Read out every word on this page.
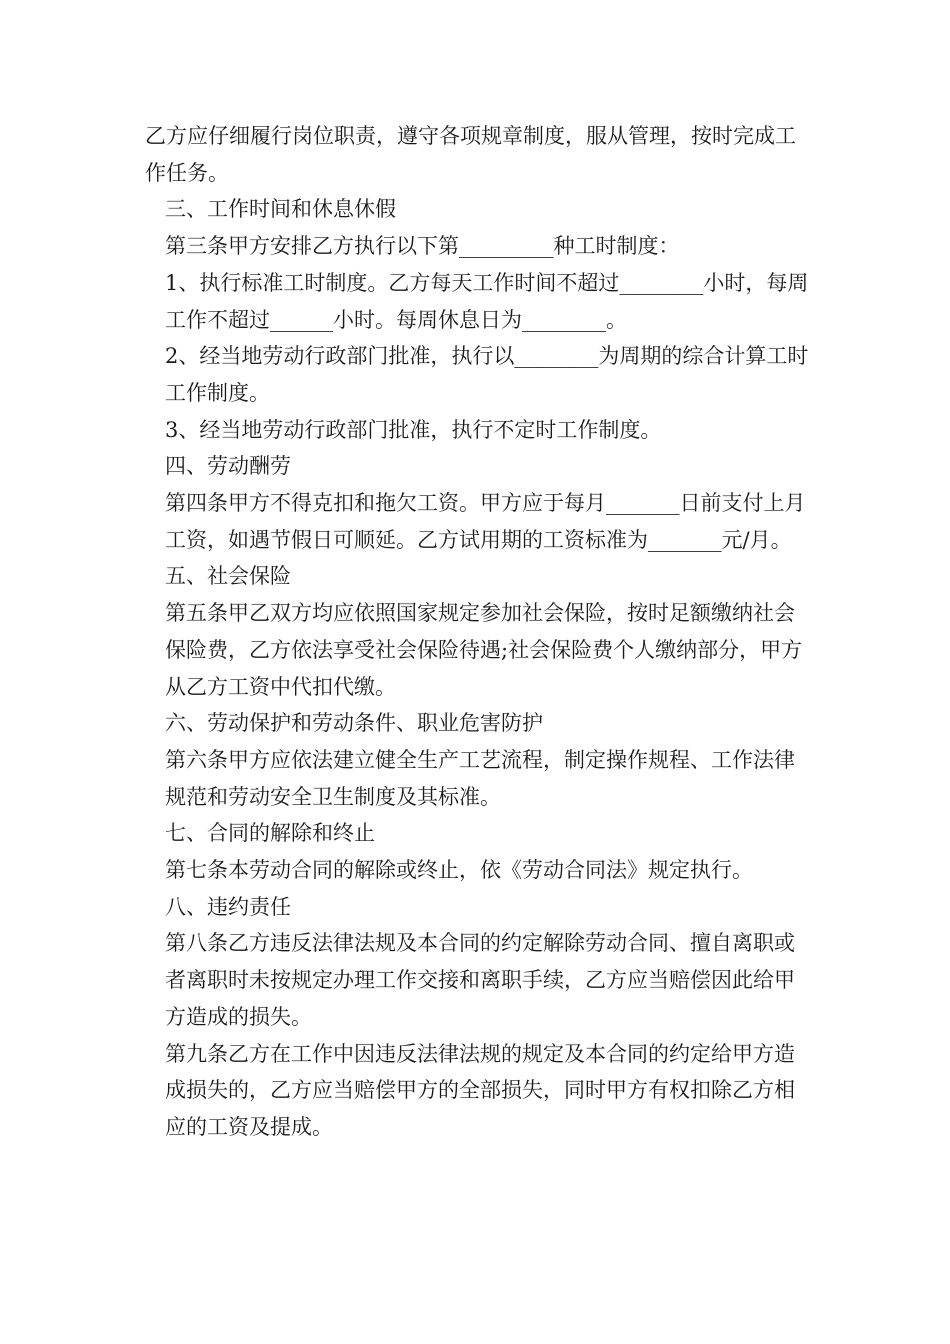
乙方应仔细履行岗位职责，遵守各项规章制度，服从管理，按时完成工作任务。

三、工作时间和休息休假

第三条甲方安排乙方执行以下第_________种工时制度：

1、执行标准工时制度。乙方每天工作时间不超过________小时，每周工作不超过______小时。每周休息日为________。

2、经当地劳动行政部门批准，执行以________为周期的综合计算工时工作制度。

3、经当地劳动行政部门批准，执行不定时工作制度。

四、劳动酬劳

第四条甲方不得克扣和拖欠工资。甲方应于每月_______日前支付上月工资，如遇节假日可顺延。乙方试用期的工资标准为_______元/月。

五、社会保险

第五条甲乙双方均应依照国家规定参加社会保险，按时足额缴纳社会保险费，乙方依法享受社会保险待遇;社会保险费个人缴纳部分，甲方从乙方工资中代扣代缴。

六、劳动保护和劳动条件、职业危害防护

第六条甲方应依法建立健全生产工艺流程，制定操作规程、工作法律规范和劳动安全卫生制度及其标准。

七、合同的解除和终止

第七条本劳动合同的解除或终止，依《劳动合同法》规定执行。

八、违约责任

第八条乙方违反法律法规及本合同的约定解除劳动合同、擅自离职或者离职时未按规定办理工作交接和离职手续，乙方应当赔偿因此给甲方造成的损失。

第九条乙方在工作中因违反法律法规的规定及本合同的约定给甲方造成损失的，乙方应当赔偿甲方的全部损失，同时甲方有权扣除乙方相应的工资及提成。
